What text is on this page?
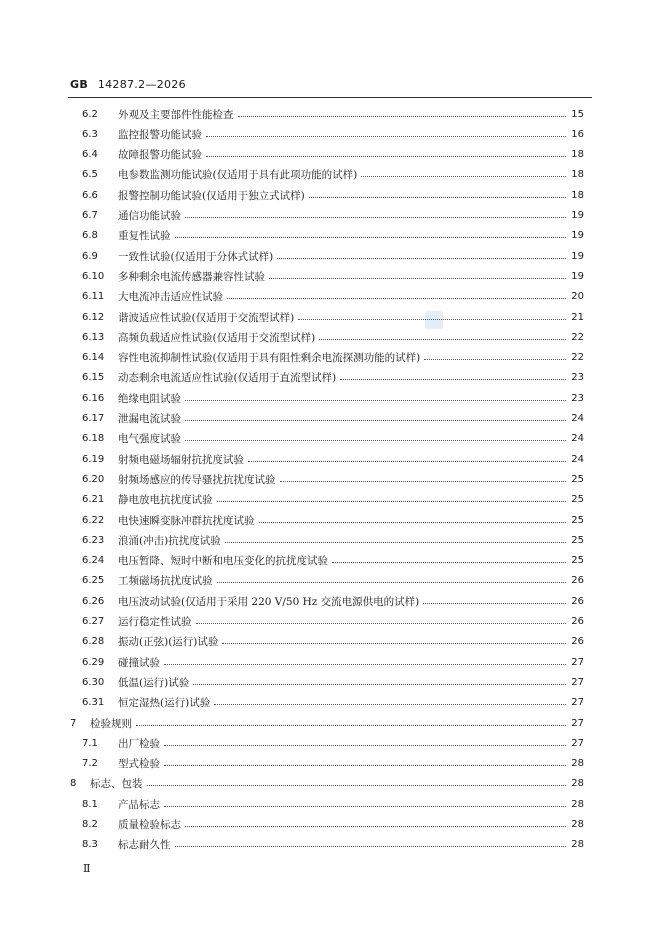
GB 14287.2—2026
6.2	外观及主要部件性能检查	15
6.3	监控报警功能试验	16
6.4	故障报警功能试验	18
6.5	电参数监测功能试验(仅适用于具有此项功能的试样)	18
6.6	报警控制功能试验(仅适用于独立式试样)	18
6.7	通信功能试验	19
6.8	重复性试验	19
6.9	一致性试验(仅适用于分体式试样)	19
6.10	多种剩余电流传感器兼容性试验	19
6.11	大电流冲击适应性试验	20
6.12	谐波适应性试验(仅适用于交流型试样)	21
6.13	高频负载适应性试验(仅适用于交流型试样)	22
6.14	容性电流抑制性试验(仅适用于具有阻性剩余电流探测功能的试样)	22
6.15	动态剩余电流适应性试验(仅适用于直流型试样)	23
6.16	绝缘电阻试验	23
6.17	泄漏电流试验	24
6.18	电气强度试验	24
6.19	射频电磁场辐射抗扰度试验	24
6.20	射频场感应的传导骚扰抗扰度试验	25
6.21	静电放电抗扰度试验	25
6.22	电快速瞬变脉冲群抗扰度试验	25
6.23	浪涌(冲击)抗扰度试验	25
6.24	电压暂降、短时中断和电压变化的抗扰度试验	25
6.25	工频磁场抗扰度试验	26
6.26	电压波动试验(仅适用于采用 220 V/50 Hz 交流电源供电的试样)	26
6.27	运行稳定性试验	26
6.28	振动(正弦)(运行)试验	26
6.29	碰撞试验	27
6.30	低温(运行)试验	27
6.31	恒定湿热(运行)试验	27
7	检验规则	27
7.1	出厂检验	27
7.2	型式检验	28
8	标志、包装	28
8.1	产品标志	28
8.2	质量检验标志	28
8.3	标志耐久性	28
Ⅱ
